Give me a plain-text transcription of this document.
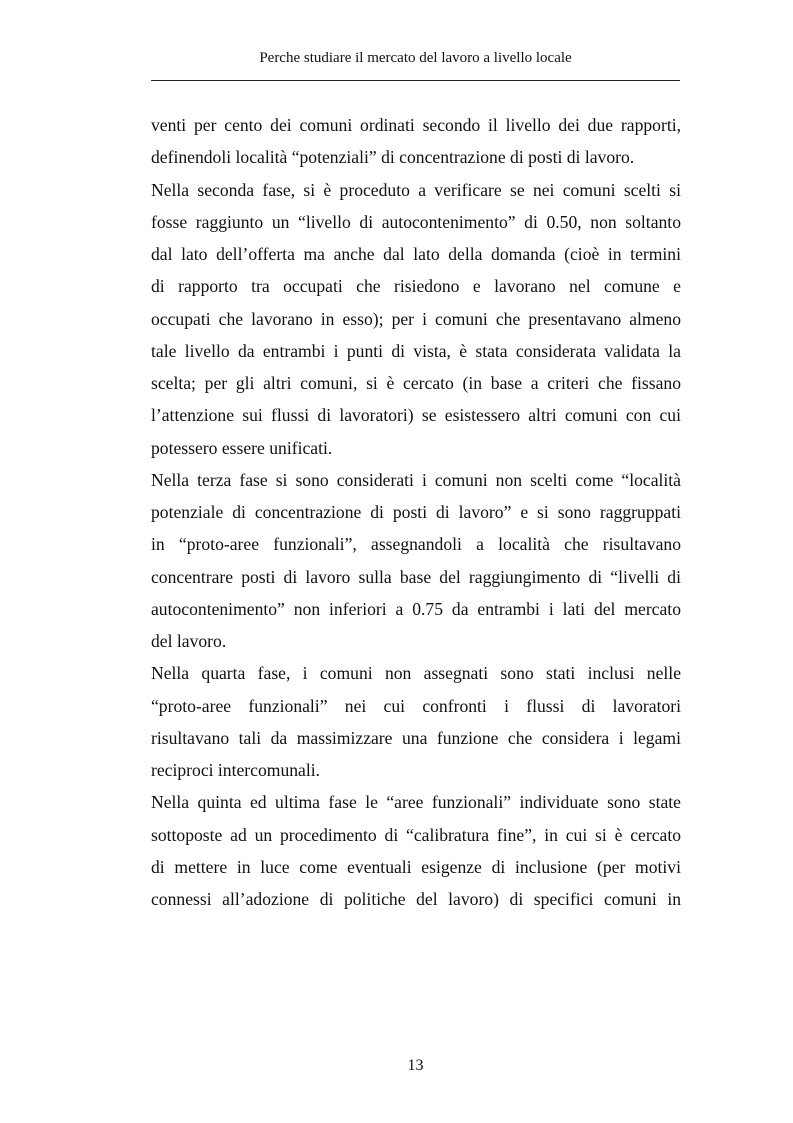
Perche studiare il mercato del lavoro a livello locale
venti per cento dei comuni ordinati secondo il livello dei due rapporti,
definendoli località “potenziali” di concentrazione di posti di lavoro.
Nella seconda fase, si è proceduto a verificare se nei comuni scelti si
fosse raggiunto un “livello di autocontenimento” di 0.50, non soltanto
dal lato dell’offerta ma anche dal lato della domanda (cioè in termini
di rapporto tra occupati che risiedono e lavorano nel comune e
occupati che lavorano in esso); per i comuni che presentavano almeno
tale livello da entrambi i punti di vista, è stata considerata validata la
scelta; per gli altri comuni, si è cercato (in base a criteri che fissano
l’attenzione sui flussi di lavoratori) se esistessero altri comuni con cui
potessero essere unificati.
Nella terza fase si sono considerati i comuni non scelti come “località
potenziale di concentrazione di posti di lavoro” e si sono raggruppati
in “proto-aree funzionali”, assegnandoli a località che risultavano
concentrare posti di lavoro sulla base del raggiungimento di “livelli di
autocontenimento” non inferiori a 0.75 da entrambi i lati del mercato
del lavoro.
Nella quarta fase, i comuni non assegnati sono stati inclusi nelle
“proto-aree funzionali” nei cui confronti i flussi di lavoratori
risultavano tali da massimizzare una funzione che considera i legami
reciproci intercomunali.
Nella quinta ed ultima fase le “aree funzionali” individuate sono state
sottoposte ad un procedimento di “calibratura fine”, in cui si è cercato
di mettere in luce come eventuali esigenze di inclusione (per motivi
connessi all’adozione di politiche del lavoro) di specifici comuni in
13
